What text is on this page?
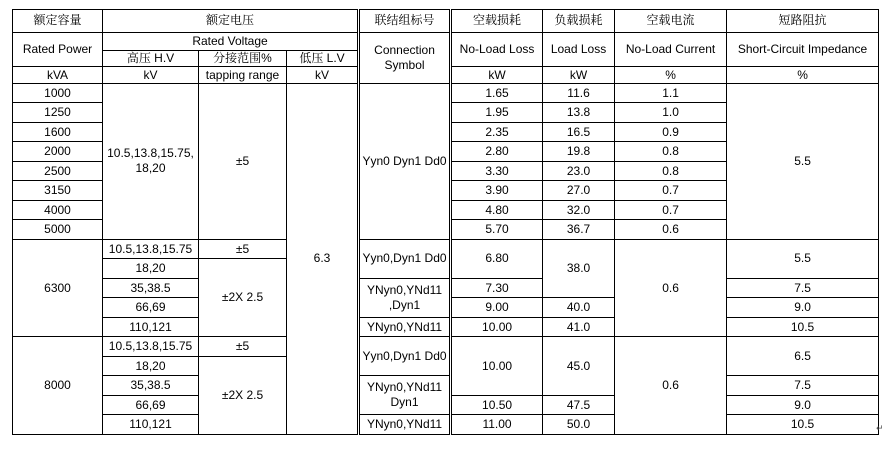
额定容量	额定电压			联结组标号	空载损耗	负载损耗	空载电流	短路阻抗
Rated Power	Rated Voltage			Connection Symbol	No-Load Loss	Load Loss	No-Load Current	Short-Circuit Impedance
	高压 H.V	分接范围%	低压 L.V					
kVA	kV	tapping range	kV		kW	kW	%	%
1000	10.5,13.8,15.75, 18,20	±5	6.3	Yyn0 Dyn1 Dd0	1.65	11.6	1.1	5.5
1250					1.95	13.8	1.0	
1600					2.35	16.5	0.9	
2000					2.80	19.8	0.8	
2500					3.30	23.0	0.8	
3150					3.90	27.0	0.7	
4000					4.80	32.0	0.7	
5000					5.70	36.7	0.6	
6300	10.5,13.8,15.75	±5		Yyn0,Dyn1 Dd0	6.80	38.0	0.6	5.5
	18,20	±2X 2.5						
	35,38.5			YNyn0,YNd11 ,Dyn1	7.30			7.5
	66,69				9.00	40.0		9.0
	110,121			YNyn0,YNd11	10.00	41.0		10.5
8000	10.5,13.8,15.75	±5		Yyn0,Dyn1 Dd0	10.00	45.0	0.6	6.5
	18,20	±2X 2.5						
	35,38.5			YNyn0,YNd11 Dyn1				7.5
	66,69				10.50	47.5		9.0
	110,121			YNyn0,YNd11	11.00	50.0		10.5	↵
